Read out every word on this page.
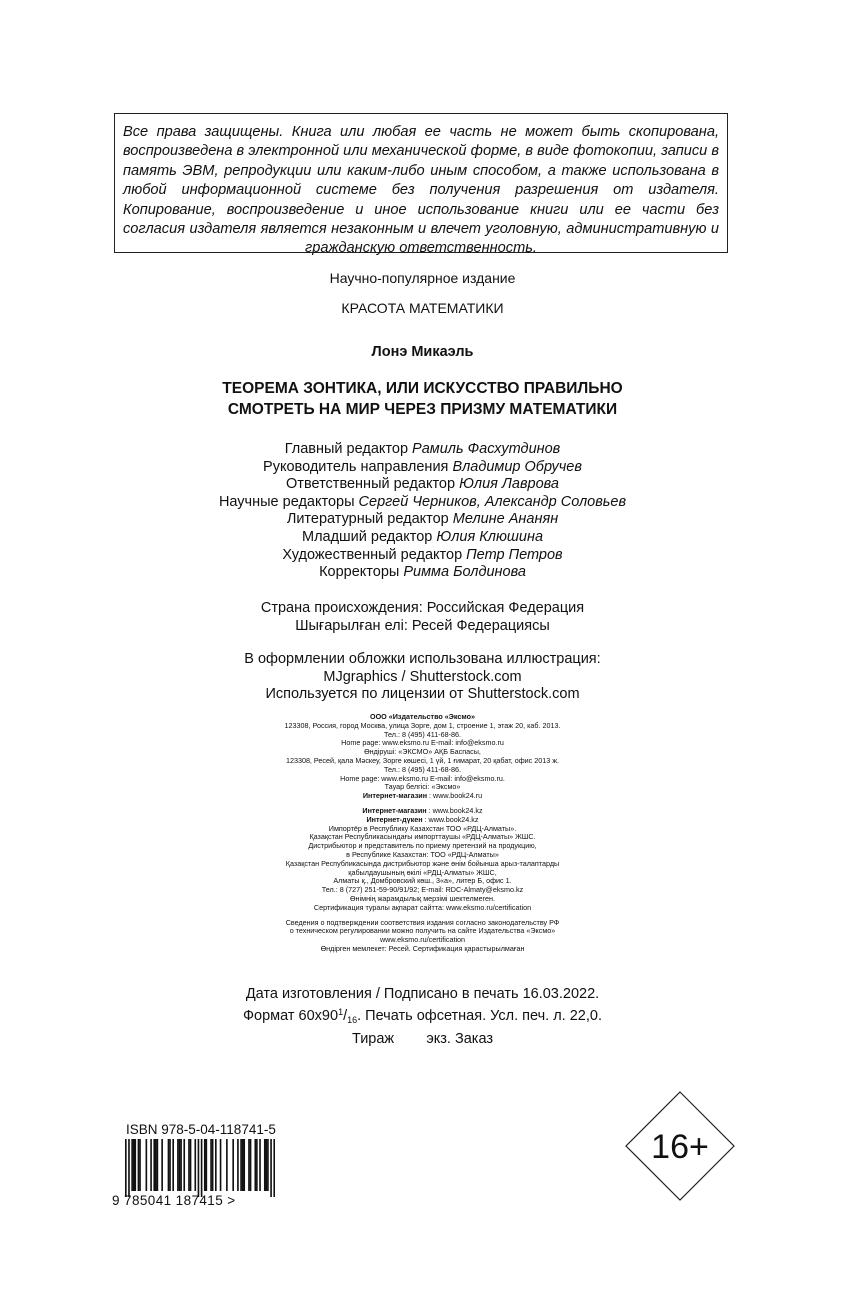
Все права защищены. Книга или любая ее часть не может быть скопирована, воспроизведена в электронной или механической форме, в виде фотокопии, записи в память ЭВМ, репродукции или каким-либо иным способом, а также использована в любой информационной системе без получения разрешения от издателя. Копирование, воспроизведение и иное использование книги или ее части без согласия издателя является незаконным и влечет уголовную, административную и гражданскую ответственность.

Научно-популярное издание
КРАСОТА МАТЕМАТИКИ
Лонэ Микаэль
ТЕОРЕМА ЗОНТИКА, ИЛИ ИСКУССТВО ПРАВИЛЬНО
СМОТРЕТЬ НА МИР ЧЕРЕЗ ПРИЗМУ МАТЕМАТИКИ
Главный редактор Рамиль Фасхутдинов
Руководитель направления Владимир Обручев
Ответственный редактор Юлия Лаврова
Научные редакторы Сергей Черников, Александр Соловьев
Литературный редактор Мелине Ананян
Младший редактор Юлия Клюшина
Художественный редактор Петр Петров
Корректоры Римма Болдинова
Страна происхождения: Российская Федерация
Шығарылған елі: Ресей Федерациясы
В оформлении обложки использована иллюстрация:
MJgraphics / Shutterstock.com
Используется по лицензии от Shutterstock.com
ООО «Издательство «Эксмо»
123308, Россия, город Москва, улица Зорге, дом 1, строение 1, этаж 20, каб. 2013.
Тел.: 8 (495) 411-68-86.
Home page: www.eksmo.ru E-mail: info@eksmo.ru
Өндіруші: «ЭКСМО» АҚБ Баспасы,
123308, Ресей, қала Мәскеу, Зорге көшесі, 1 үй, 1 ғимарат, 20 қабат, офис 2013 ж.
Тел.: 8 (495) 411-68-86.
Home page: www.eksmo.ru E-mail: info@eksmo.ru.
Тауар белгісі: «Эксмо»
Интернет-магазин : www.book24.ru
Интернет-магазин : www.book24.kz
Интернет-дүкен : www.book24.kz
Импортёр в Республику Казахстан ТОО «РДЦ-Алматы».
Қазақстан Республикасындағы импорттаушы «РДЦ-Алматы» ЖШС.
Дистрибьютор и представитель по приему претензий на продукцию,
в Республике Казахстан: ТОО «РДЦ-Алматы»
Қазақстан Республикасында дистрибьютор және өнім бойынша арыз-талаптарды
қабылдаушының өкілі «РДЦ-Алматы» ЖШС,
Алматы қ., Домбровский көш., 3«а», литер Б, офис 1.
Тел.: 8 (727) 251-59-90/91/92; E-mail: RDC-Almaty@eksmo.kz
Өнімнің жарамдылық мерзімі шектелмеген.
Сертификация туралы ақпарат сайтта: www.eksmo.ru/certification
Сведения о подтверждении соответствия издания согласно законодательству РФ
о техническом регулировании можно получить на сайте Издательства «Эксмо»
www.eksmo.ru/certification
Өндірген мемлекет: Ресей. Сертификация қарастырылмаған
Дата изготовления / Подписано в печать 16.03.2022.
Формат $60x90^1/_{16}$. Печать офсетная. Усл. печ. л. 22,0.
Тираж экз. Заказ
ISBN 978-5-04-118741-5
9 785041 187415 >
16+
